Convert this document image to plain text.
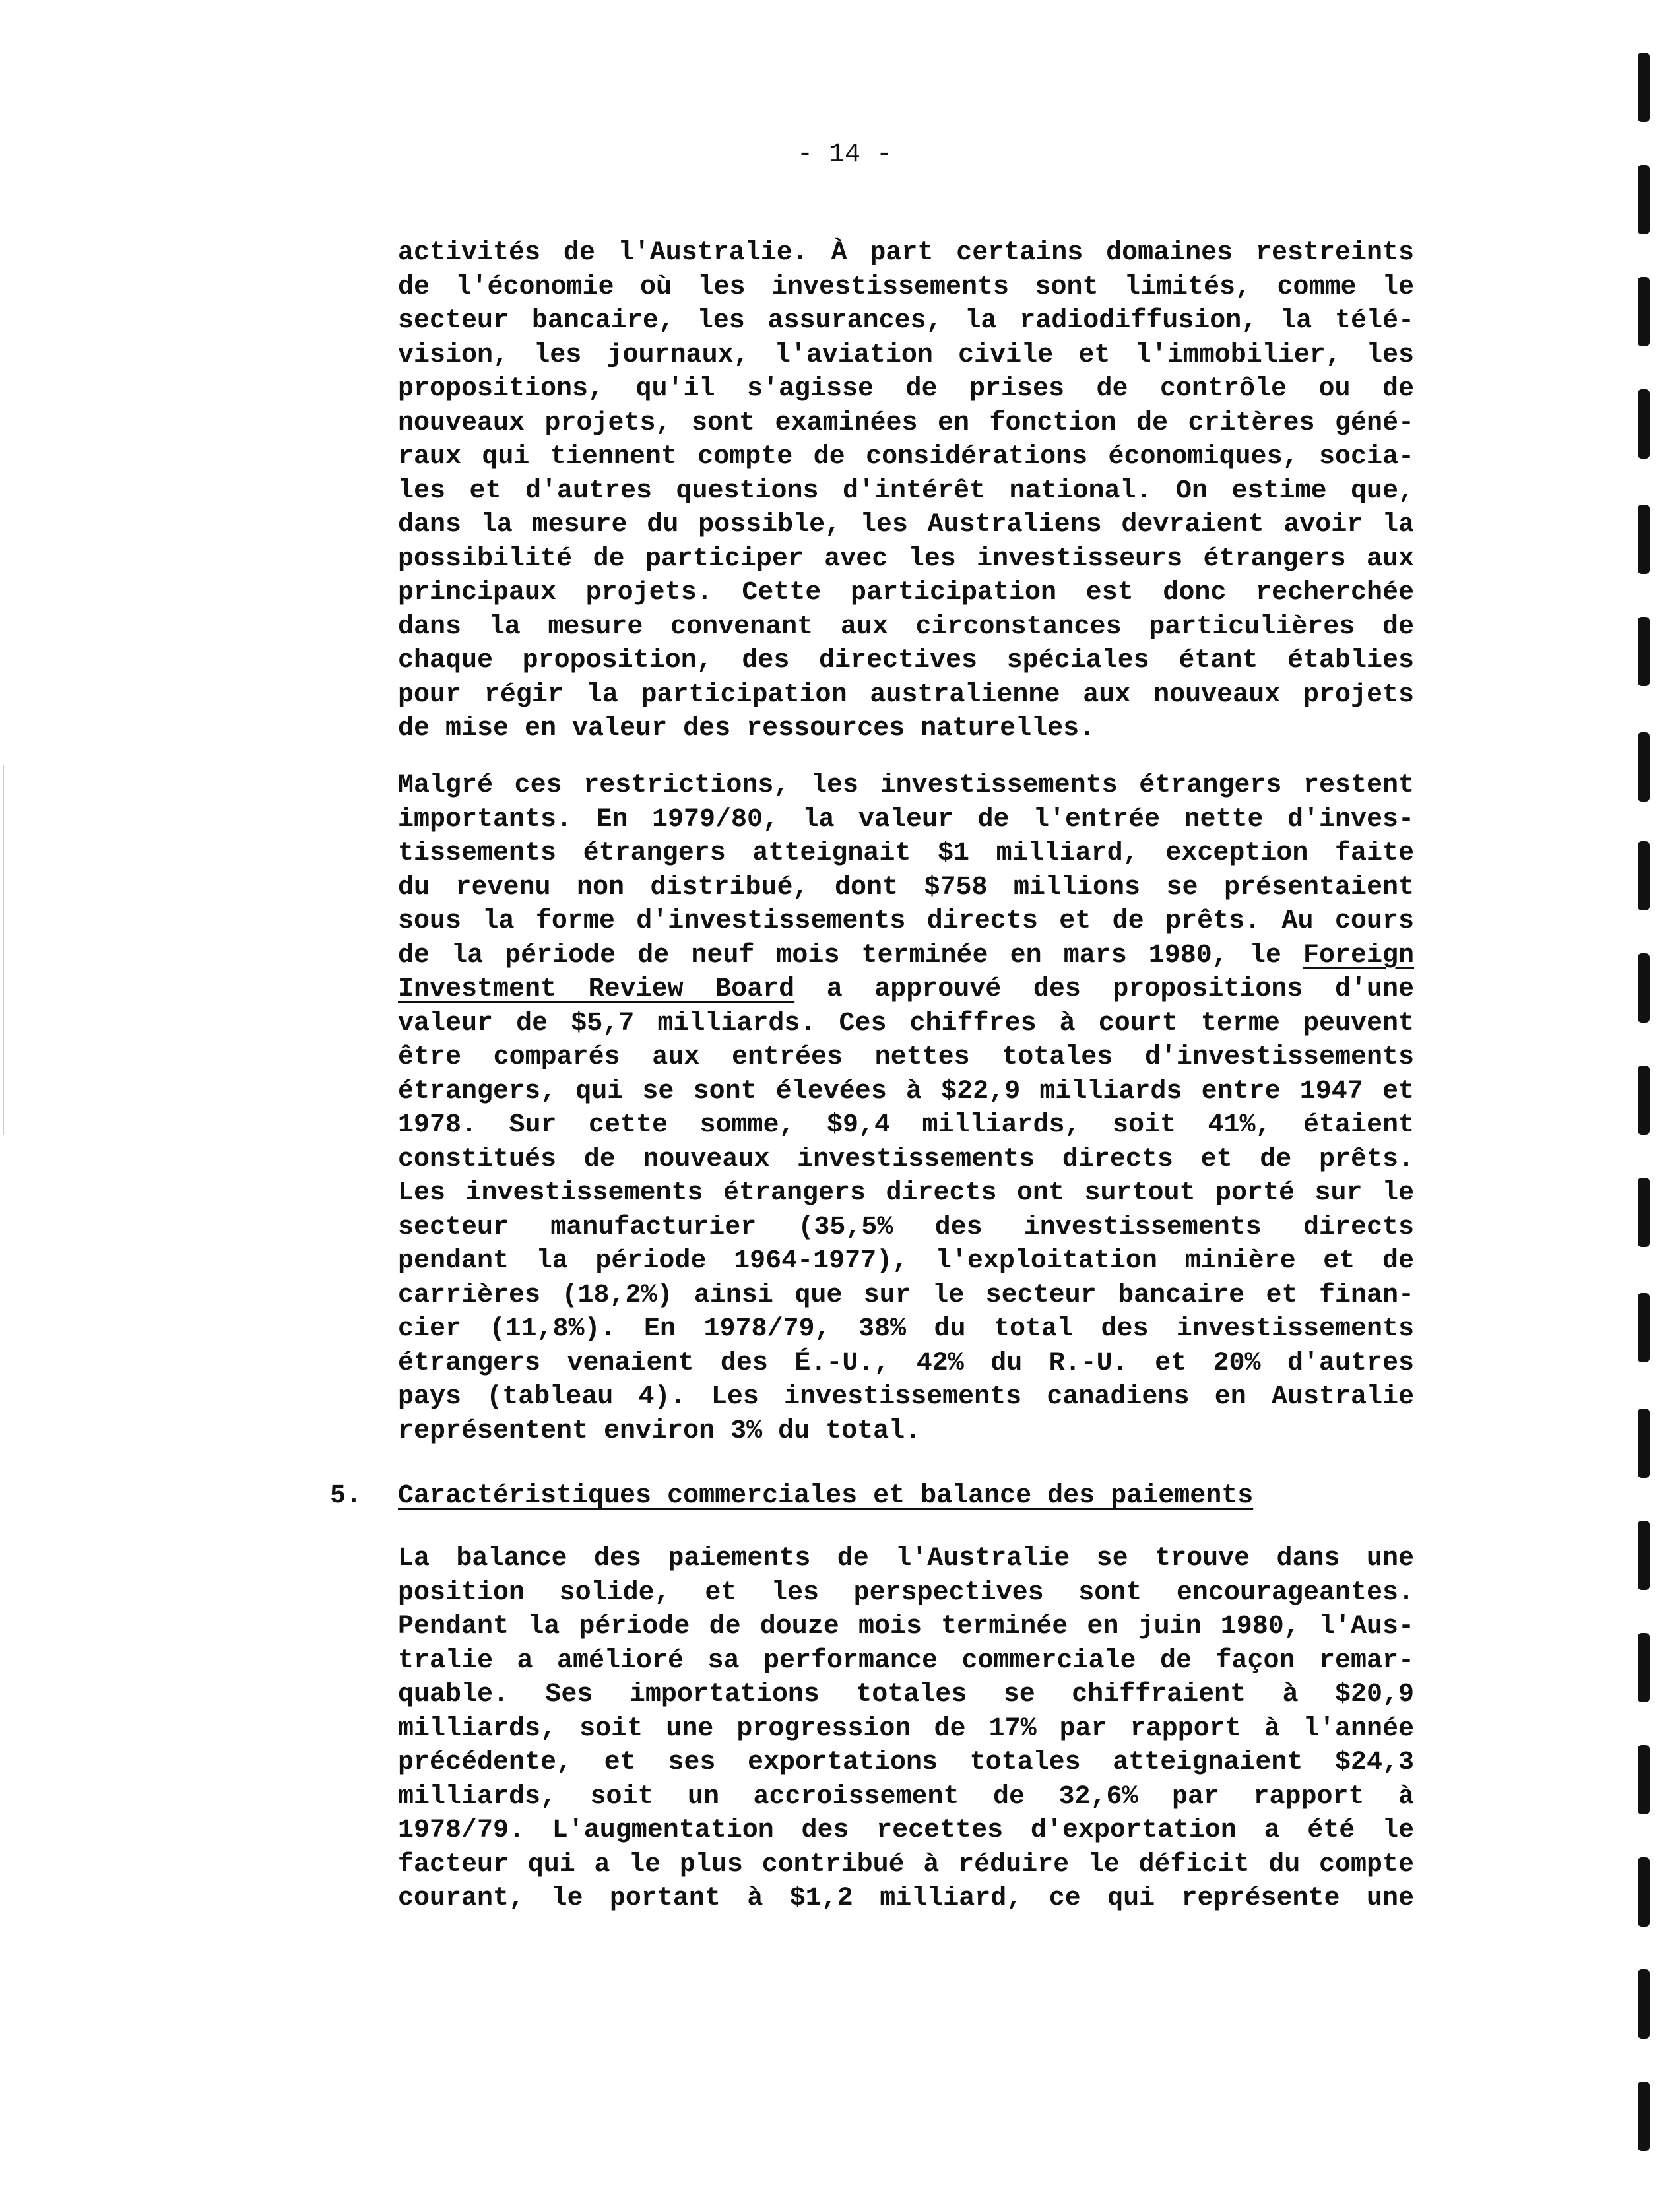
- 14 -
activités de l'Australie. À part certains domaines restreints
de l'économie où les investissements sont limités, comme le
secteur bancaire, les assurances, la radiodiffusion, la télé-
vision, les journaux, l'aviation civile et l'immobilier, les
propositions, qu'il s'agisse de prises de contrôle ou de
nouveaux projets, sont examinées en fonction de critères géné-
raux qui tiennent compte de considérations économiques, socia-
les et d'autres questions d'intérêt national. On estime que,
dans la mesure du possible, les Australiens devraient avoir la
possibilité de participer avec les investisseurs étrangers aux
principaux projets. Cette participation est donc recherchée
dans la mesure convenant aux circonstances particulières de
chaque proposition, des directives spéciales étant établies
pour régir la participation australienne aux nouveaux projets
de mise en valeur des ressources naturelles.
Malgré ces restrictions, les investissements étrangers restent
importants. En 1979/80, la valeur de l'entrée nette d'inves-
tissements étrangers atteignait $1 milliard, exception faite
du revenu non distribué, dont $758 millions se présentaient
sous la forme d'investissements directs et de prêts. Au cours
de la période de neuf mois terminée en mars 1980, le Foreign
Investment Review Board a approuvé des propositions d'une
valeur de $5,7 milliards. Ces chiffres à court terme peuvent
être comparés aux entrées nettes totales d'investissements
étrangers, qui se sont élevées à $22,9 milliards entre 1947 et
1978. Sur cette somme, $9,4 milliards, soit 41%, étaient
constitués de nouveaux investissements directs et de prêts.
Les investissements étrangers directs ont surtout porté sur le
secteur manufacturier (35,5% des investissements directs
pendant la période 1964-1977), l'exploitation minière et de
carrières (18,2%) ainsi que sur le secteur bancaire et finan-
cier (11,8%). En 1978/79, 38% du total des investissements
étrangers venaient des É.-U., 42% du R.-U. et 20% d'autres
pays (tableau 4). Les investissements canadiens en Australie
représentent environ 3% du total.
5. Caractéristiques commerciales et balance des paiements
La balance des paiements de l'Australie se trouve dans une
position solide, et les perspectives sont encourageantes.
Pendant la période de douze mois terminée en juin 1980, l'Aus-
tralie a amélioré sa performance commerciale de façon remar-
quable. Ses importations totales se chiffraient à $20,9
milliards, soit une progression de 17% par rapport à l'année
précédente, et ses exportations totales atteignaient $24,3
milliards, soit un accroissement de 32,6% par rapport à
1978/79. L'augmentation des recettes d'exportation a été le
facteur qui a le plus contribué à réduire le déficit du compte
courant, le portant à $1,2 milliard, ce qui représente une
